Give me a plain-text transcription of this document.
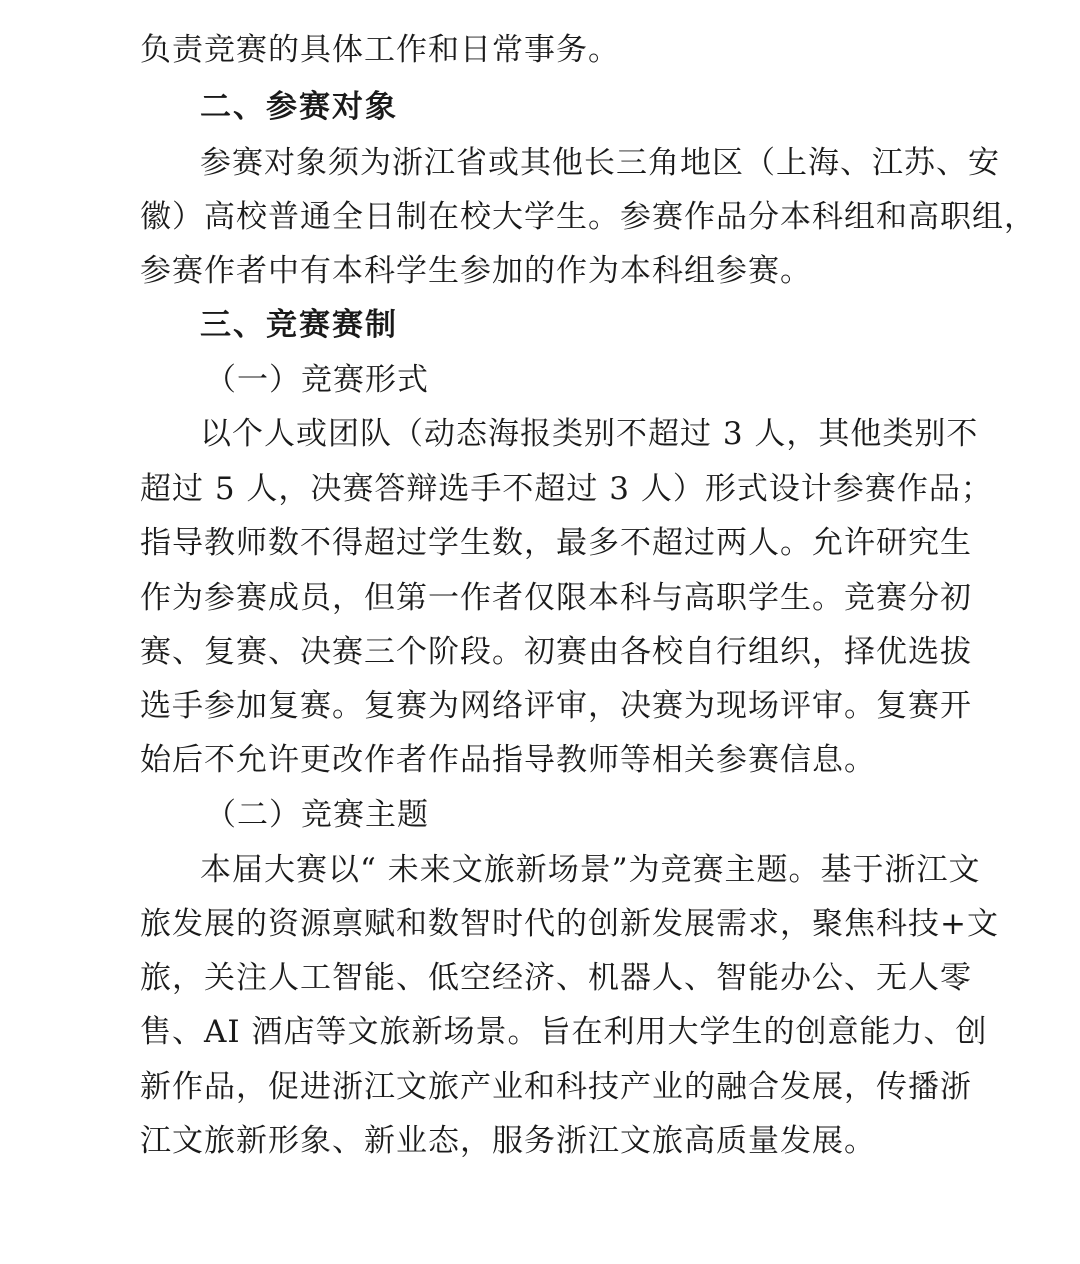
负责竞赛的具体工作和日常事务。
二、参赛对象
参赛对象须为浙江省或其他长三角地区（上海、江苏、安
徽）高校普通全日制在校大学生。参赛作品分本科组和高职组，
参赛作者中有本科学生参加的作为本科组参赛。
三、竞赛赛制
（一）竞赛形式
以个人或团队（动态海报类别不超过 3 人，其他类别不
超过 5 人，决赛答辩选手不超过 3 人）形式设计参赛作品；
指导教师数不得超过学生数，最多不超过两人。允许研究生
作为参赛成员，但第一作者仅限本科与高职学生。竞赛分初
赛、复赛、决赛三个阶段。初赛由各校自行组织，择优选拔
选手参加复赛。复赛为网络评审，决赛为现场评审。复赛开
始后不允许更改作者作品指导教师等相关参赛信息。
（二）竞赛主题
本届大赛以“ 未来文旅新场景”为竞赛主题。基于浙江文
旅发展的资源禀赋和数智时代的创新发展需求，聚焦科技+文
旅，关注人工智能、低空经济、机器人、智能办公、无人零
售、AI 酒店等文旅新场景。旨在利用大学生的创意能力、创
新作品，促进浙江文旅产业和科技产业的融合发展，传播浙
江文旅新形象、新业态，服务浙江文旅高质量发展。
